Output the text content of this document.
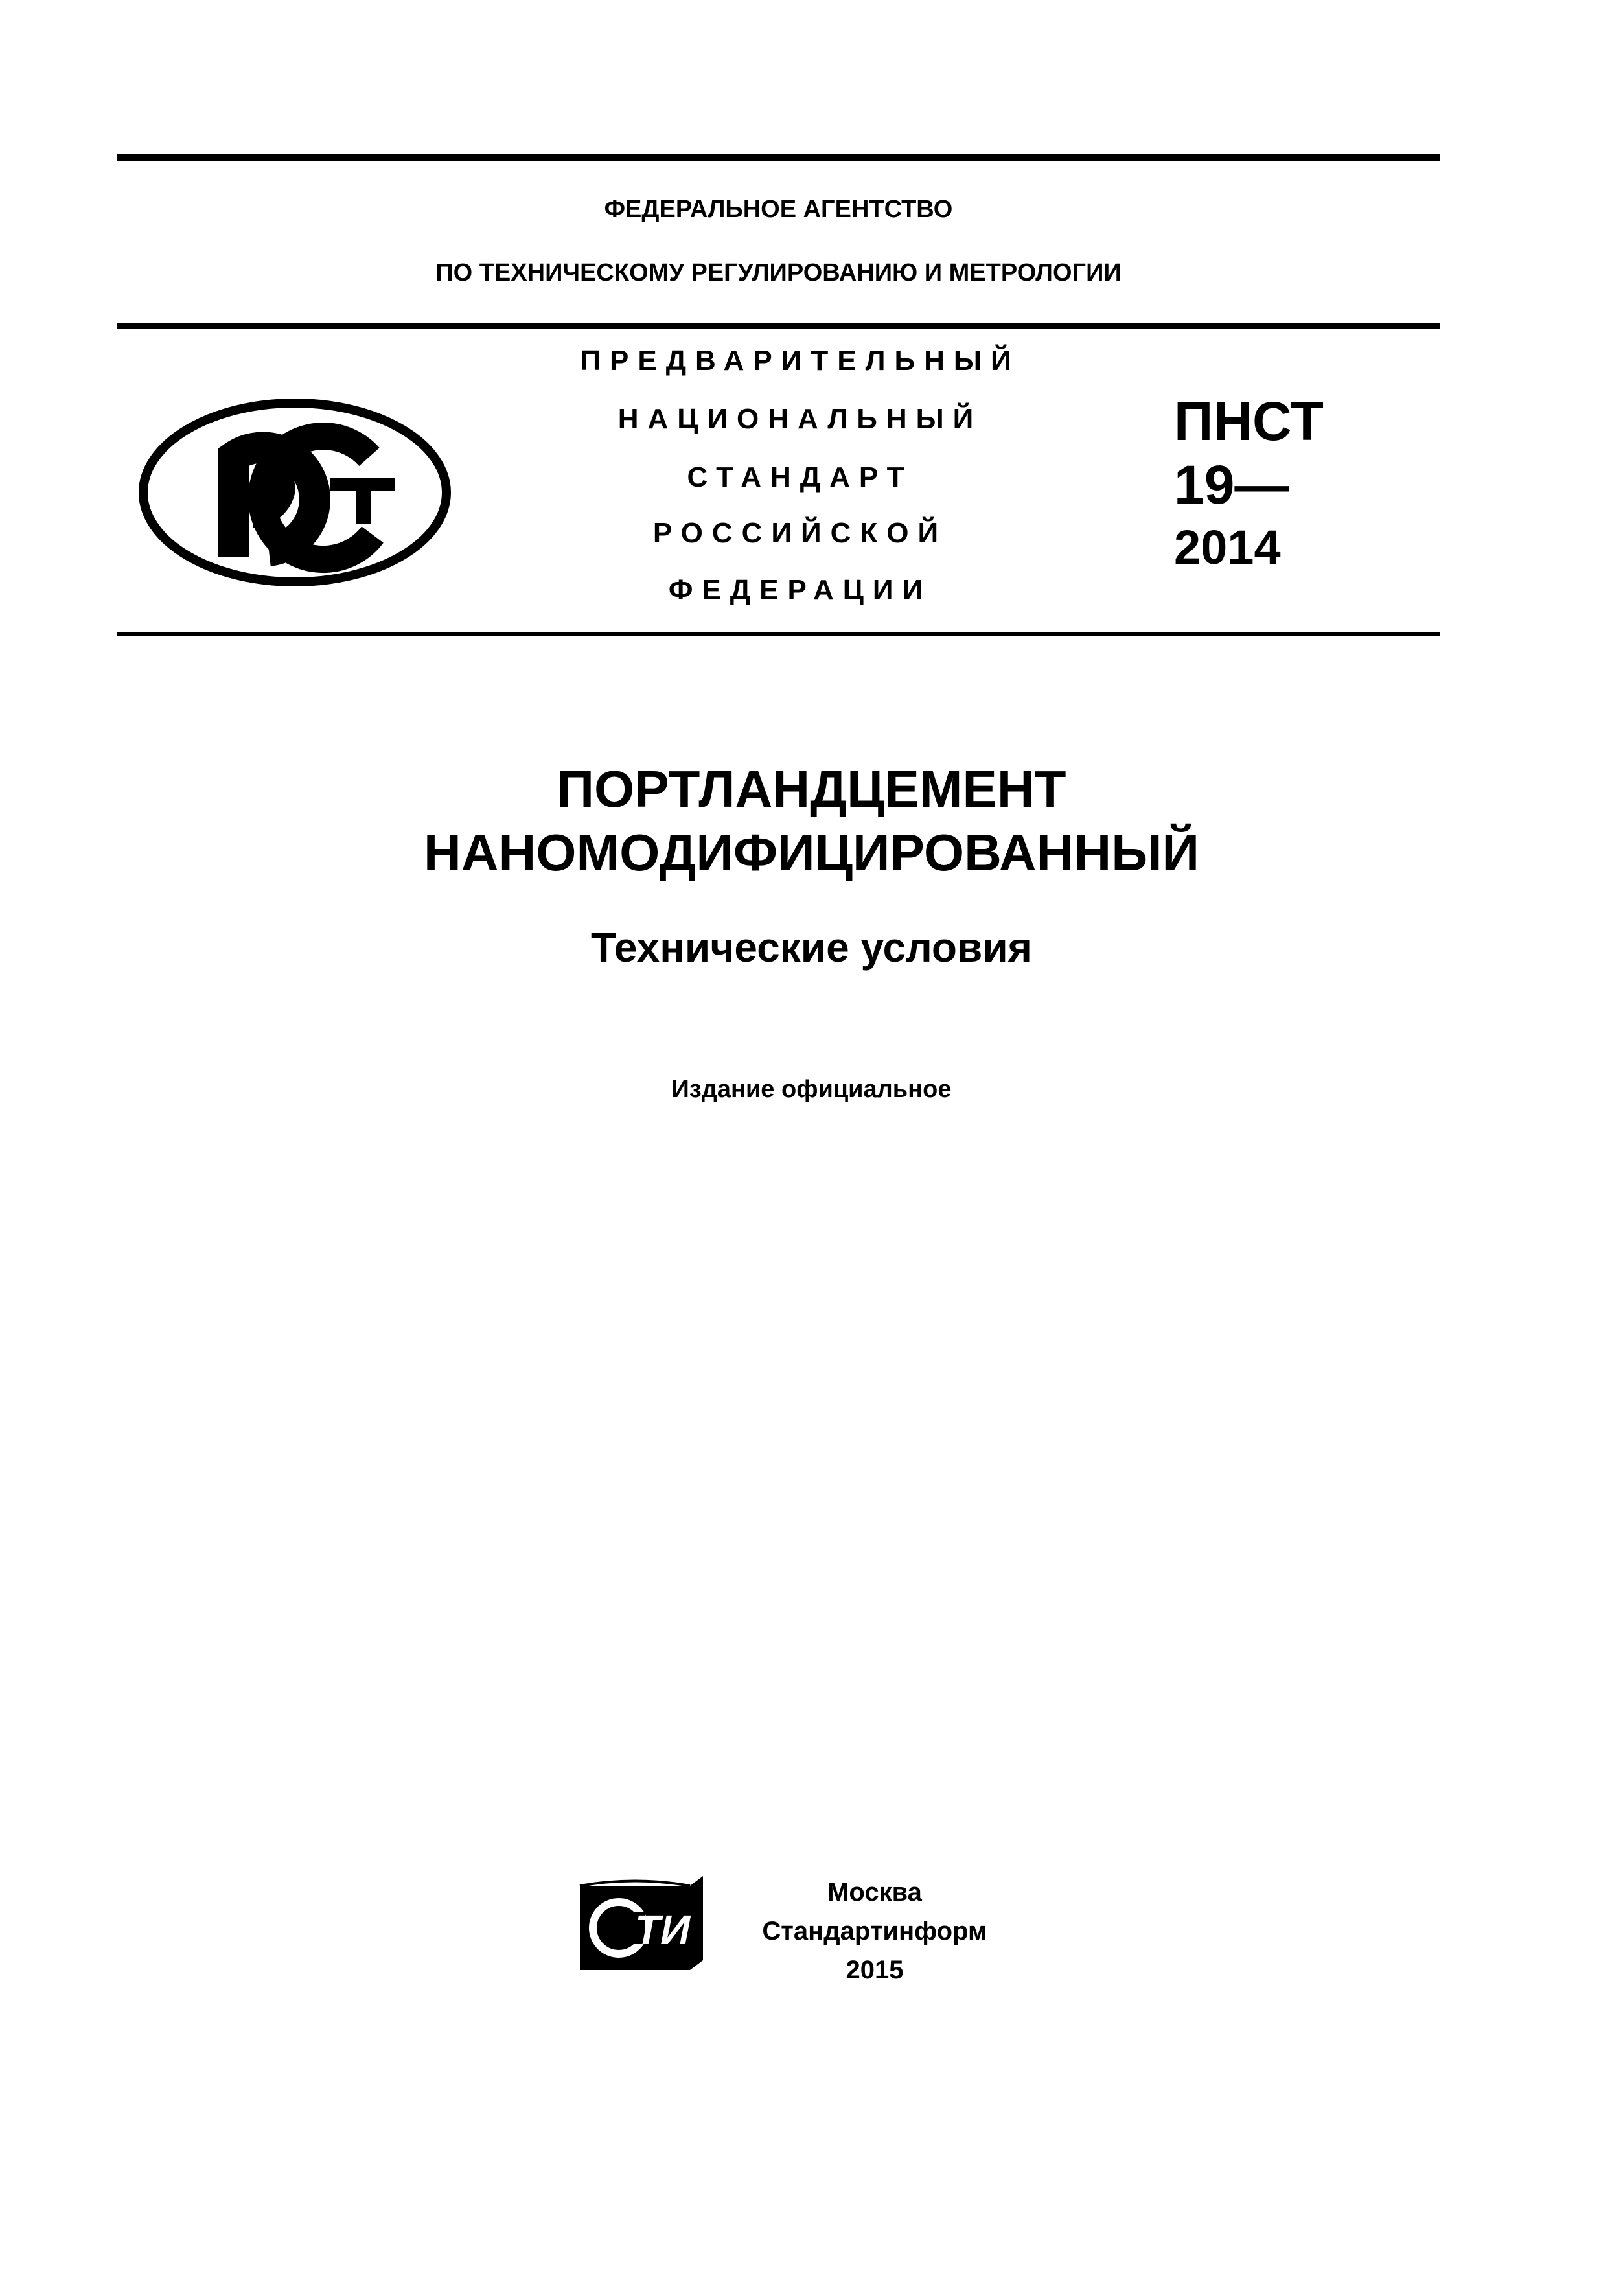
ФЕДЕРАЛЬНОЕ АГЕНТСТВО
ПО ТЕХНИЧЕСКОМУ РЕГУЛИРОВАНИЮ И МЕТРОЛОГИИ
ПРЕДВАРИТЕЛЬНЫЙ
НАЦИОНАЛЬНЫЙ
СТАНДАРТ
РОССИЙСКОЙ
ФЕДЕРАЦИИ
ПНСТ
19—
2014
ПОРТЛАНДЦЕМЕНТ
НАНОМОДИФИЦИРОВАННЫЙ
Технические условия
Издание официальное
ТИ
Москва
Стандартинформ
2015
